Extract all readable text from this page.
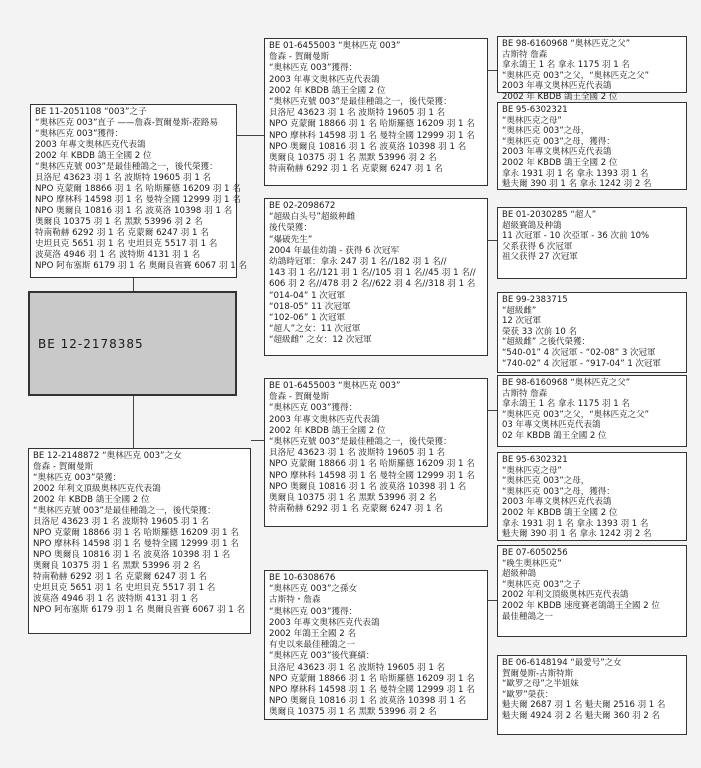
BE 12-2178385
BE 11-2051108 “003”之子
“奥林匹克 003”直子 ——詹森-賀爾曼斯-蒞路易
“奥林匹克 003”獲得：
2003 年專文奥林匹克代表鴿
2002 年 KBDB 鴿王全國 2 位
“奥林匹克號 003”是最佳種鴿之一，後代榮獲：
貝洛尼 43623 羽 1 名 波斯特 19605 羽 1 名
NPO 克蒙爾 18866 羽 1 名 哈斯羅德 16209 羽 1 名
NPO 摩林科 14598 羽 1 名 曼特全國 12999 羽 1 名
NPO 奥爾良 10816 羽 1 名 波莫洛 10398 羽 1 名
奥爾良 10375 羽 1 名 黑默 53996 羽 2 名
特南勒赫 6292 羽 1 名 克蒙爾 6247 羽 1 名
史坦貝克 5651 羽 1 名 史坦貝克 5517 羽 1 名
波莫洛 4946 羽 1 名 波特斯 4131 羽 1 名
NPO 阿布塞斯 6179 羽 1 名 奥爾良省賽 6067 羽 1 名
BE 12-2148872 “奥林匹克 003”之女
詹森 - 賀爾曼斯
“奥林匹克 003”榮獲：
2002 年利文頂級奥林匹克代表鴿
2002 年 KBDB 鴿王全國 2 位
“奥林匹克號 003”是最佳種鴿之一，後代榮獲：
貝洛尼 43623 羽 1 名 波斯特 19605 羽 1 名
NPO 克蒙爾 18866 羽 1 名 哈斯羅德 16209 羽 1 名
NPO 摩林科 14598 羽 1 名 曼特全國 12999 羽 1 名
NPO 奥爾良 10816 羽 1 名 波莫洛 10398 羽 1 名
奥爾良 10375 羽 1 名 黑默 53996 羽 2 名
特南勒赫 6292 羽 1 名 克蒙爾 6247 羽 1 名
史坦貝克 5651 羽 1 名 史坦貝克 5517 羽 1 名
波莫洛 4946 羽 1 名 波特斯 4131 羽 1 名
NPO 阿布塞斯 6179 羽 1 名 奥爾良省賽 6067 羽 1 名
BE 01-6455003 “奥林匹克 003”
詹森 - 賀爾曼斯
“奥林匹克 003”獲得：
2003 年專文奥林匹克代表鴿
2002 年 KBDB 鴿王全國 2 位
“奥林匹克號 003”是最佳種鴿之一，後代榮獲：
貝洛尼 43623 羽 1 名 波斯特 19605 羽 1 名
NPO 克蒙爾 18866 羽 1 名 哈斯羅德 16209 羽 1 名
NPO 摩林科 14598 羽 1 名 曼特全國 12999 羽 1 名
NPO 奥爾良 10816 羽 1 名 波莫洛 10398 羽 1 名
奥爾良 10375 羽 1 名 黑默 53996 羽 2 名
特南勒赫 6292 羽 1 名 克蒙爾 6247 羽 1 名
BE 02-2098672
“超級白头号”超級种雌
後代榮獲：
“爆破先生”
2004 年最佳幼鴿 - 获得 6 次冠军
幼鴿時冠軍：拿永 247 羽 1 名//182 羽 1 名//
143 羽 1 名//121 羽 1 名//105 羽 1 名//45 羽 1 名//
606 羽 2 名//478 羽 2 名//622 羽 4 名//318 羽 1 名
“014-04” 1 次冠軍
“018-05” 11 次冠軍
“102-06” 1 次冠軍
“超人”之女：11 次冠軍
“超級雌” 之女：12 次冠軍
BE 01-6455003 “奥林匹克 003”
詹森 - 賀爾曼斯
“奥林匹克 003”獲得：
2003 年專文奥林匹克代表鴿
2002 年 KBDB 鴿王全國 2 位
“奥林匹克號 003”是最佳種鴿之一，後代榮獲：
貝洛尼 43623 羽 1 名 波斯特 19605 羽 1 名
NPO 克蒙爾 18866 羽 1 名 哈斯羅德 16209 羽 1 名
NPO 摩林科 14598 羽 1 名 曼特全國 12999 羽 1 名
NPO 奥爾良 10816 羽 1 名 波莫洛 10398 羽 1 名
奥爾良 10375 羽 1 名 黑默 53996 羽 2 名
特南勒赫 6292 羽 1 名 克蒙爾 6247 羽 1 名
BE 10-6308676
“奥林匹克 003”之孫女
古斯特・詹森
“奥林匹克 003”獲得：
2003 年專文奥林匹克代表鴿
2002 年鴿王全國 2 名
有史以來最佳種鴿之一
“奥林匹克 003”後代賽績：
貝洛尼 43623 羽 1 名 波斯特 19605 羽 1 名
NPO 克蒙爾 18866 羽 1 名 哈斯羅德 16209 羽 1 名
NPO 摩林科 14598 羽 1 名 曼特全國 12999 羽 1 名
NPO 奥爾良 10816 羽 1 名 波莫洛 10398 羽 1 名
奥爾良 10375 羽 1 名 黑默 53996 羽 2 名
BE 98-6160968 “奥林匹克之父”
古斯特 詹森
拿永鴿王 1 名 拿永 1175 羽 1 名
“奥林匹克 003”之父，“奥林匹克之父”
2003 年專文奥林匹克代表鴿
2002 年 KBDB 鴿王全國 2 位
BE 95-6302321
“奥林匹克之母”
“奥林匹克 003”之母，
“奥林匹克 003”之母，獲得：
2003 年專文奥林匹克代表鴿
2002 年 KBDB 鴿王全國 2 位
拿永 1931 羽 1 名 拿永 1393 羽 1 名
魁夫爾 390 羽 1 名 拿永 1242 羽 2 名
BE 01-2030285 “超人”
超級賽鴿及种鴿
11 次冠軍 - 10 次亞軍 - 36 次前 10%
父系获得 6 次冠軍
祖父获得 27 次冠軍
BE 99-2383715
“超級雌”
12 次冠軍
榮获 33 次前 10 名
“超級雌” 之後代榮獲：
“540-01” 4 次冠軍 - “02-08” 3 次冠軍
“740-02” 4 次冠軍 - “917-04” 1 次冠軍
BE 98-6160968 “奥林匹克之父”
古斯特 詹森
拿永鴿王 1 名 拿永 1175 羽 1 名
“奥林匹克 003”之父，“奥林匹克之父”
03 年專文奥林匹克代表鴿
02 年 KBDB 鴿王全國 2 位
BE 95-6302321
“奥林匹克之母”
“奥林匹克 003”之母，
“奥林匹克 003”之母，獲得：
2003 年專文奥林匹克代表鴿
2002 年 KBDB 鴿王全國 2 位
拿永 1931 羽 1 名 拿永 1393 羽 1 名
魁夫爾 390 羽 1 名 拿永 1242 羽 2 名
BE 07-6050256
“晚生奥林匹克”
超級种鴿
“奥林匹克 003”之子
2002 年利文頂級奥林匹克代表鴿
2002 年 KBDB 速度賽老鴿鴿王全國 2 位
最佳種鴿之一
BE 06-6148194 “最愛号”之女
賀爾曼斯-古斯特斯
“歐罗之母”之半姐妹
“歐罗”榮获：
魁夫爾 2687 羽 1 名 魁夫爾 2516 羽 1 名
魁夫爾 4924 羽 2 名 魁夫爾 360 羽 2 名
